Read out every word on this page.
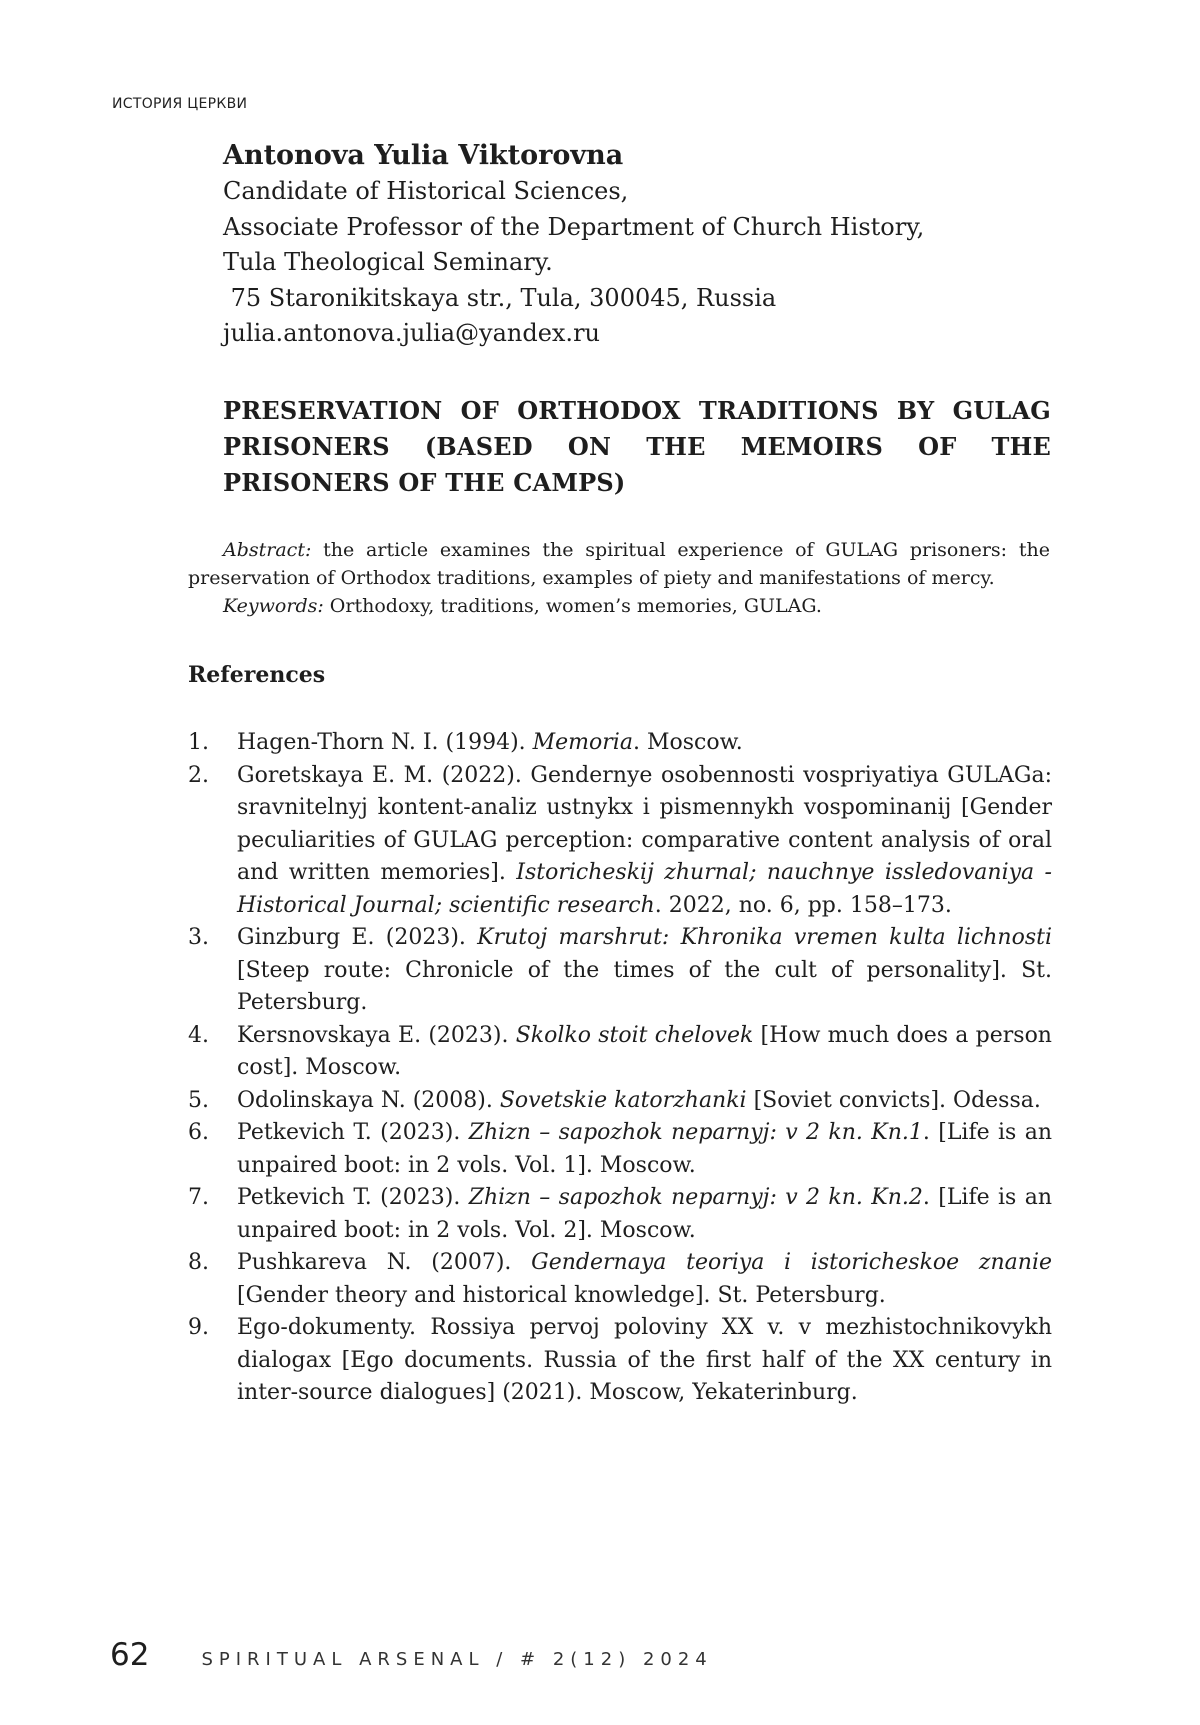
ИСТОРИЯ ЦЕРКВИ

Antonova Yulia Viktorovna

Candidate of Historical Sciences,

Associate Professor of the Department of Church History,

Tula Theological Seminary.

75 Staronikitskaya str., Tula, 300045, Russia

julia.antonova.julia@yandex.ru

PRESERVATION OF ORTHODOX TRADITIONS BY GULAG PRISONERS (BASED ON THE MEMOIRS OF THE PRISONERS OF THE CAMPS)

Abstract: the article examines the spiritual experience of GULAG prisoners: the preservation of Orthodox traditions, examples of piety and manifestations of mercy.

Keywords: Orthodoxy, traditions, women’s memories, GULAG.

References
1.	Hagen-Thorn N. I. (1994). Memoria. Moscow.
2.	Goretskaya E. M. (2022). Gendernye osobennosti vospriyatiya GULAGa: sravnitelnyj kontent-analiz ustnykx i pismennykh vospominanij [Gender peculiarities of GULAG perception: comparative content analysis of oral and written memories]. Istoricheskij zhurnal; nauchnye issledovaniya - Historical Journal; scientific research. 2022, no. 6, pp. 158–173.
3.	Ginzburg E. (2023). Krutoj marshrut: Khronika vremen kulta lichnosti [Steep route: Chronicle of the times of the cult of personality]. St. Petersburg.
4.	Kersnovskaya E. (2023). Skolko stoit chelovek [How much does a person cost]. Moscow.
5.	Odolinskaya N. (2008). Sovetskie katorzhanki [Soviet convicts]. Odessa.
6.	Petkevich T. (2023). Zhizn – sapozhok neparnyj: v 2 kn. Kn.1. [Life is an unpaired boot: in 2 vols. Vol. 1]. Moscow.
7.	Petkevich T. (2023). Zhizn – sapozhok neparnyj: v 2 kn. Kn.2. [Life is an unpaired boot: in 2 vols. Vol. 2]. Moscow.
8.	Pushkareva N. (2007). Gendernaya teoriya i istoricheskoe znanie [Gender theory and historical knowledge]. St. Petersburg.
9.	Ego-dokumenty. Rossiya pervoj poloviny XX v. v mezhistochnikovykh dialogax [Ego documents. Russia of the first half of the XX century in inter-source dialogues] (2021). Moscow, Yekaterinburg.
62	SPIRITUAL ARSENAL / # 2(12) 2024
